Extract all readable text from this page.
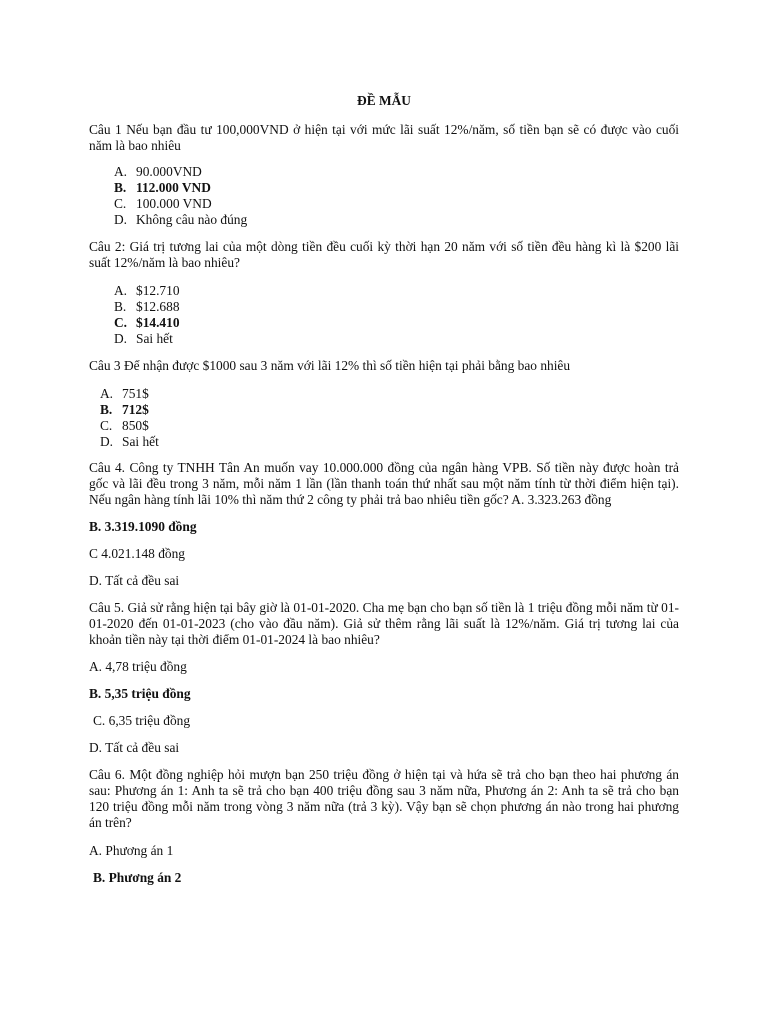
ĐỀ MẪU

Câu 1 Nếu bạn đầu tư 100,000VND ở hiện tại với mức lãi suất 12%/năm, số tiền bạn sẽ có được vào cuối năm là bao nhiêu

A. 90.000VND

B. 112.000 VND

C. 100.000 VND

D. Không câu nào đúng

Câu 2: Giá trị tương lai của một dòng tiền đều cuối kỳ thời hạn 20 năm với số tiền đều hàng kì là $200 lãi suất 12%/năm là bao nhiêu?

A. $12.710

B. $12.688

C. $14.410

D. Sai hết

Câu 3 Để nhận được $1000 sau 3 năm với lãi 12% thì số tiền hiện tại phải bằng bao nhiêu

A. 751$

B. 712$

C. 850$

D. Sai hết

Câu 4. Công ty TNHH Tân An muốn vay 10.000.000 đồng của ngân hàng VPB. Số tiền này được hoàn trả gốc và lãi đều trong 3 năm, mỗi năm 1 lần (lần thanh toán thứ nhất sau một năm tính từ thời điểm hiện tại). Nếu ngân hàng tính lãi 10% thì năm thứ 2 công ty phải trả bao nhiêu tiền gốc? A. 3.323.263 đồng

B. 3.319.1090 đồng

C 4.021.148 đồng

D. Tất cả đều sai

Câu 5. Giả sử rằng hiện tại bây giờ là 01-01-2020. Cha mẹ bạn cho bạn số tiền là 1 triệu đồng mỗi năm từ 01-01-2020 đến 01-01-2023 (cho vào đầu năm). Giả sử thêm rằng lãi suất là 12%/năm. Giá trị tương lai của khoản tiền này tại thời điểm 01-01-2024 là bao nhiêu?

A. 4,78 triệu đồng

B. 5,35 triệu đồng

C. 6,35 triệu đồng

D. Tất cả đều sai

Câu 6. Một đồng nghiệp hỏi mượn bạn 250 triệu đồng ở hiện tại và hứa sẽ trả cho bạn theo hai phương án sau: Phương án 1: Anh ta sẽ trả cho bạn 400 triệu đồng sau 3 năm nữa, Phương án 2: Anh ta sẽ trả cho bạn 120 triệu đồng mỗi năm trong vòng 3 năm nữa (trả 3 kỳ). Vậy bạn sẽ chọn phương án nào trong hai phương án trên?

A. Phương án 1

B. Phương án 2
